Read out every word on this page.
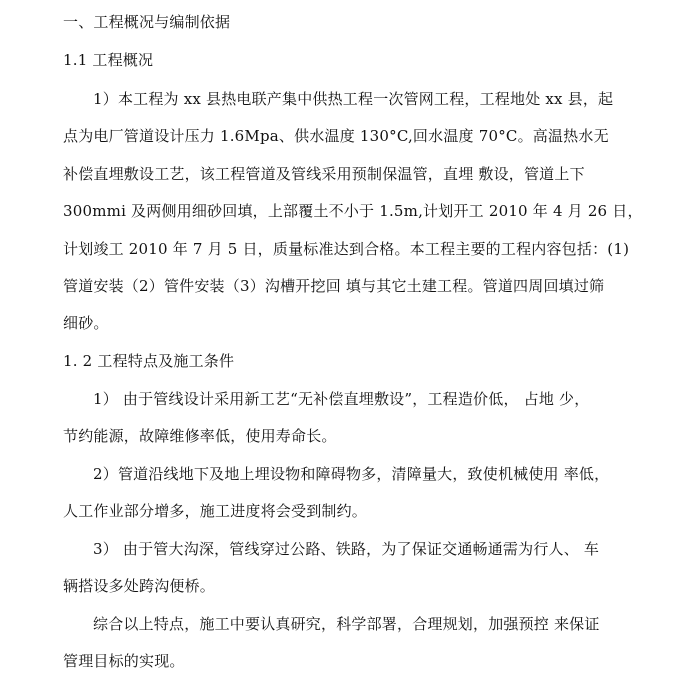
一、工程概况与编制依据
1.1 工程概况
1）本工程为 xx 县热电联产集中供热工程一次管网工程，工程地处 xx 县，起
点为电厂管道设计压力 1.6Mpa、供水温度 130°C,回水温度 70°C。高温热水无
补偿直埋敷设工艺，该工程管道及管线采用预制保温管，直埋 敷设，管道上下
300mmi 及两侧用细砂回填，上部覆土不小于 1.5m,计划开工 2010 年 4 月 26 日，
计划竣工 2010 年 7 月 5 日，质量标准达到合格。本工程主要的工程内容包括：(1)
管道安装（2）管件安装（3）沟槽开挖回 填与其它土建工程。管道四周回填过筛
细砂。
1. 2 工程特点及施工条件
1） 由于管线设计采用新工艺“无补偿直埋敷设”，工程造价低， 占地 少，
节约能源，故障维修率低，使用寿命长。
2）管道沿线地下及地上埋设物和障碍物多，清障量大，致使机械使用 率低，
人工作业部分增多，施工进度将会受到制约。
3） 由于管大沟深，管线穿过公路、铁路，为了保证交通畅通需为行人、 车
辆搭设多处跨沟便桥。
综合以上特点，施工中要认真研究，科学部署，合理规划，加强预控 来保证
管理目标的实现。
